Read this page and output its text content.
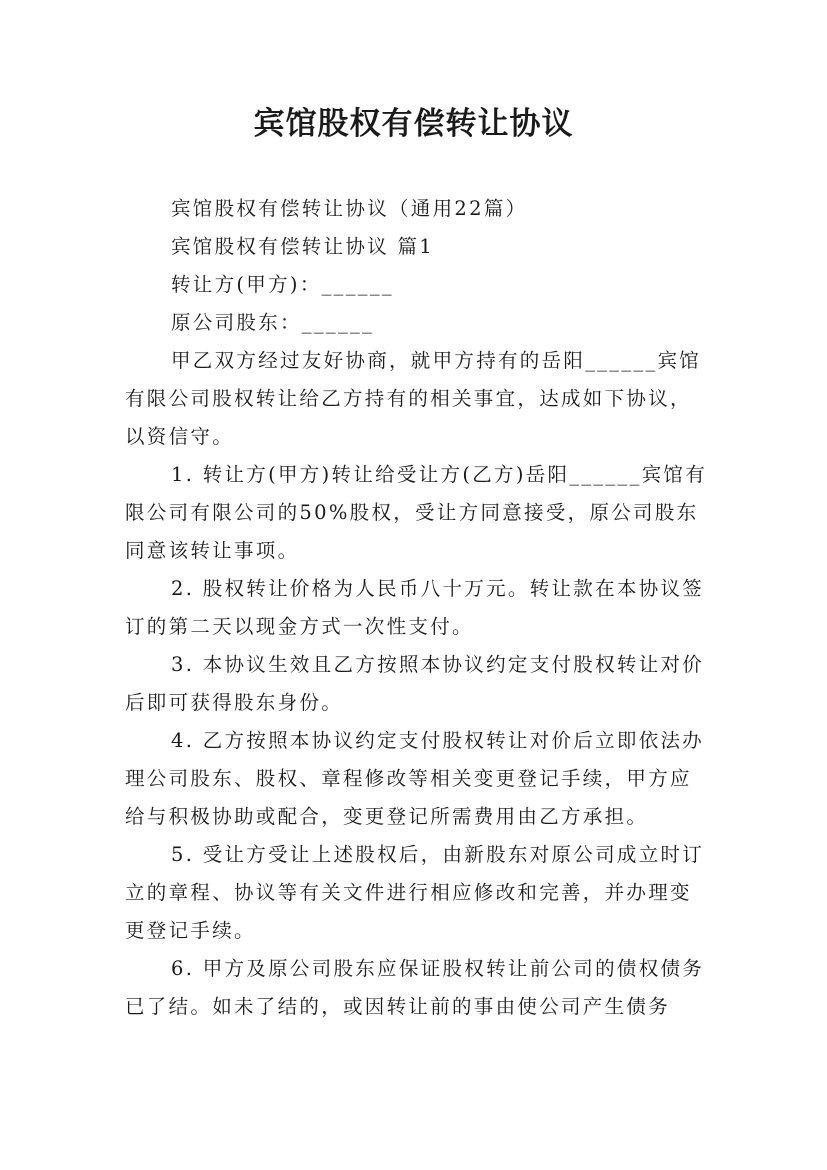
宾馆股权有偿转让协议

宾馆股权有偿转让协议（通用22篇）

宾馆股权有偿转让协议 篇1

转让方(甲方)：______

原公司股东：______

甲乙双方经过友好协商，就甲方持有的岳阳______宾馆有限公司股权转让给乙方持有的相关事宜，达成如下协议，以资信守。

1. 转让方(甲方)转让给受让方(乙方)岳阳______宾馆有限公司有限公司的50%股权，受让方同意接受，原公司股东同意该转让事项。

2. 股权转让价格为人民币八十万元。转让款在本协议签订的第二天以现金方式一次性支付。

3. 本协议生效且乙方按照本协议约定支付股权转让对价后即可获得股东身份。

4. 乙方按照本协议约定支付股权转让对价后立即依法办理公司股东、股权、章程修改等相关变更登记手续，甲方应给与积极协助或配合，变更登记所需费用由乙方承担。

5. 受让方受让上述股权后，由新股东对原公司成立时订立的章程、协议等有关文件进行相应修改和完善，并办理变更登记手续。

6. 甲方及原公司股东应保证股权转让前公司的债权债务已了结。如未了结的，或因转让前的事由使公司产生债务
